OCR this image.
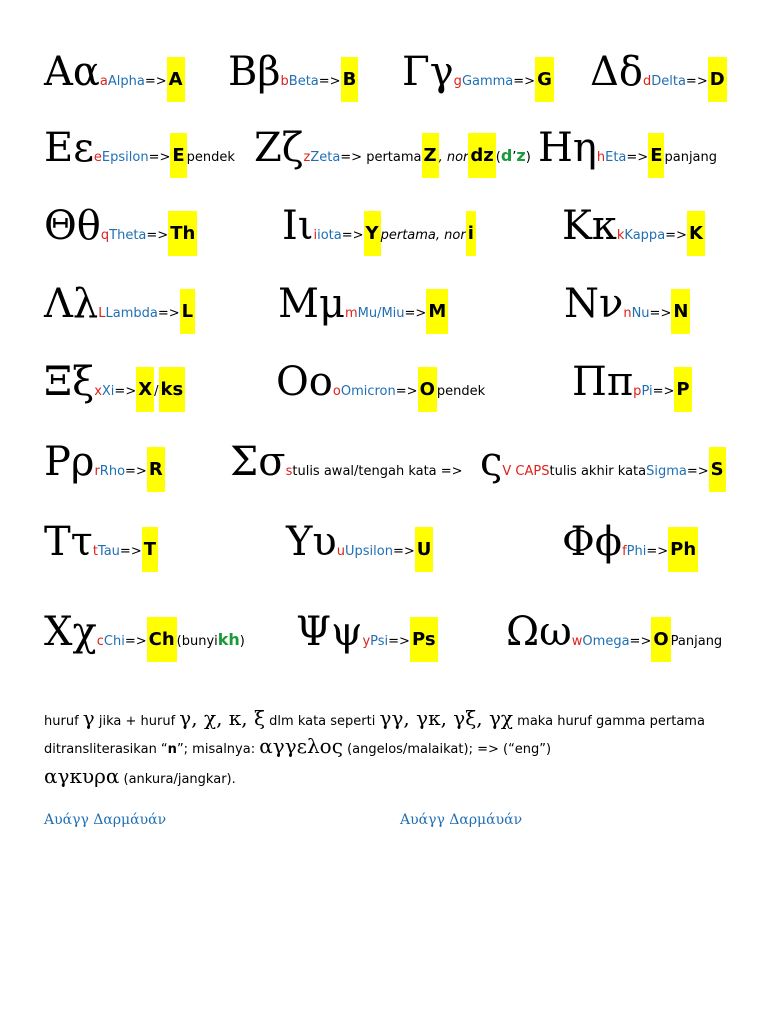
Αα a Alpha => A Ββ b Beta => B Γγ g Gamma => G Δδ d Delta => D
Εε e Epsilon => E pendek Ζζ z Zeta => pertama Z , nor dz ( d ’ z ) Ηη h Eta => E panjang
Θθ q Theta => Th Ιι i iota => Y pertama, nor i Κκ k Kappa => K
Λλ L Lambda => L Μμ m Mu/Miu => M	Νν n Nu => N
Ξξ x Xi => X / ks Οο o Omicron => O pendek Ππ p Pi => P
Ρρ r Rho => R Σσ s tulis awal/tengah kata => ς V CAPS tulis akhir kata Sigma => S
Ττ t Tau => T	Υυ u Upsilon => U	Φϕ f Phi => Ph
Χχ c Chi => Ch (bunyi kh ) Ψψ y Psi => Ps Ωω w Omega => O Panjang
huruf γ jika + huruf γ, χ, κ, ξ dlm kata seperti γγ, γκ, γξ, γχ maka huruf gamma pertama
ditransliterasikan “n”; misalnya: αγγελος (angelos/malaikat); => (“eng”)
αγκυρα (ankura/jangkar).
Αυάγγ Δαρμάυάν	Αυάγγ Δαρμάυάν
